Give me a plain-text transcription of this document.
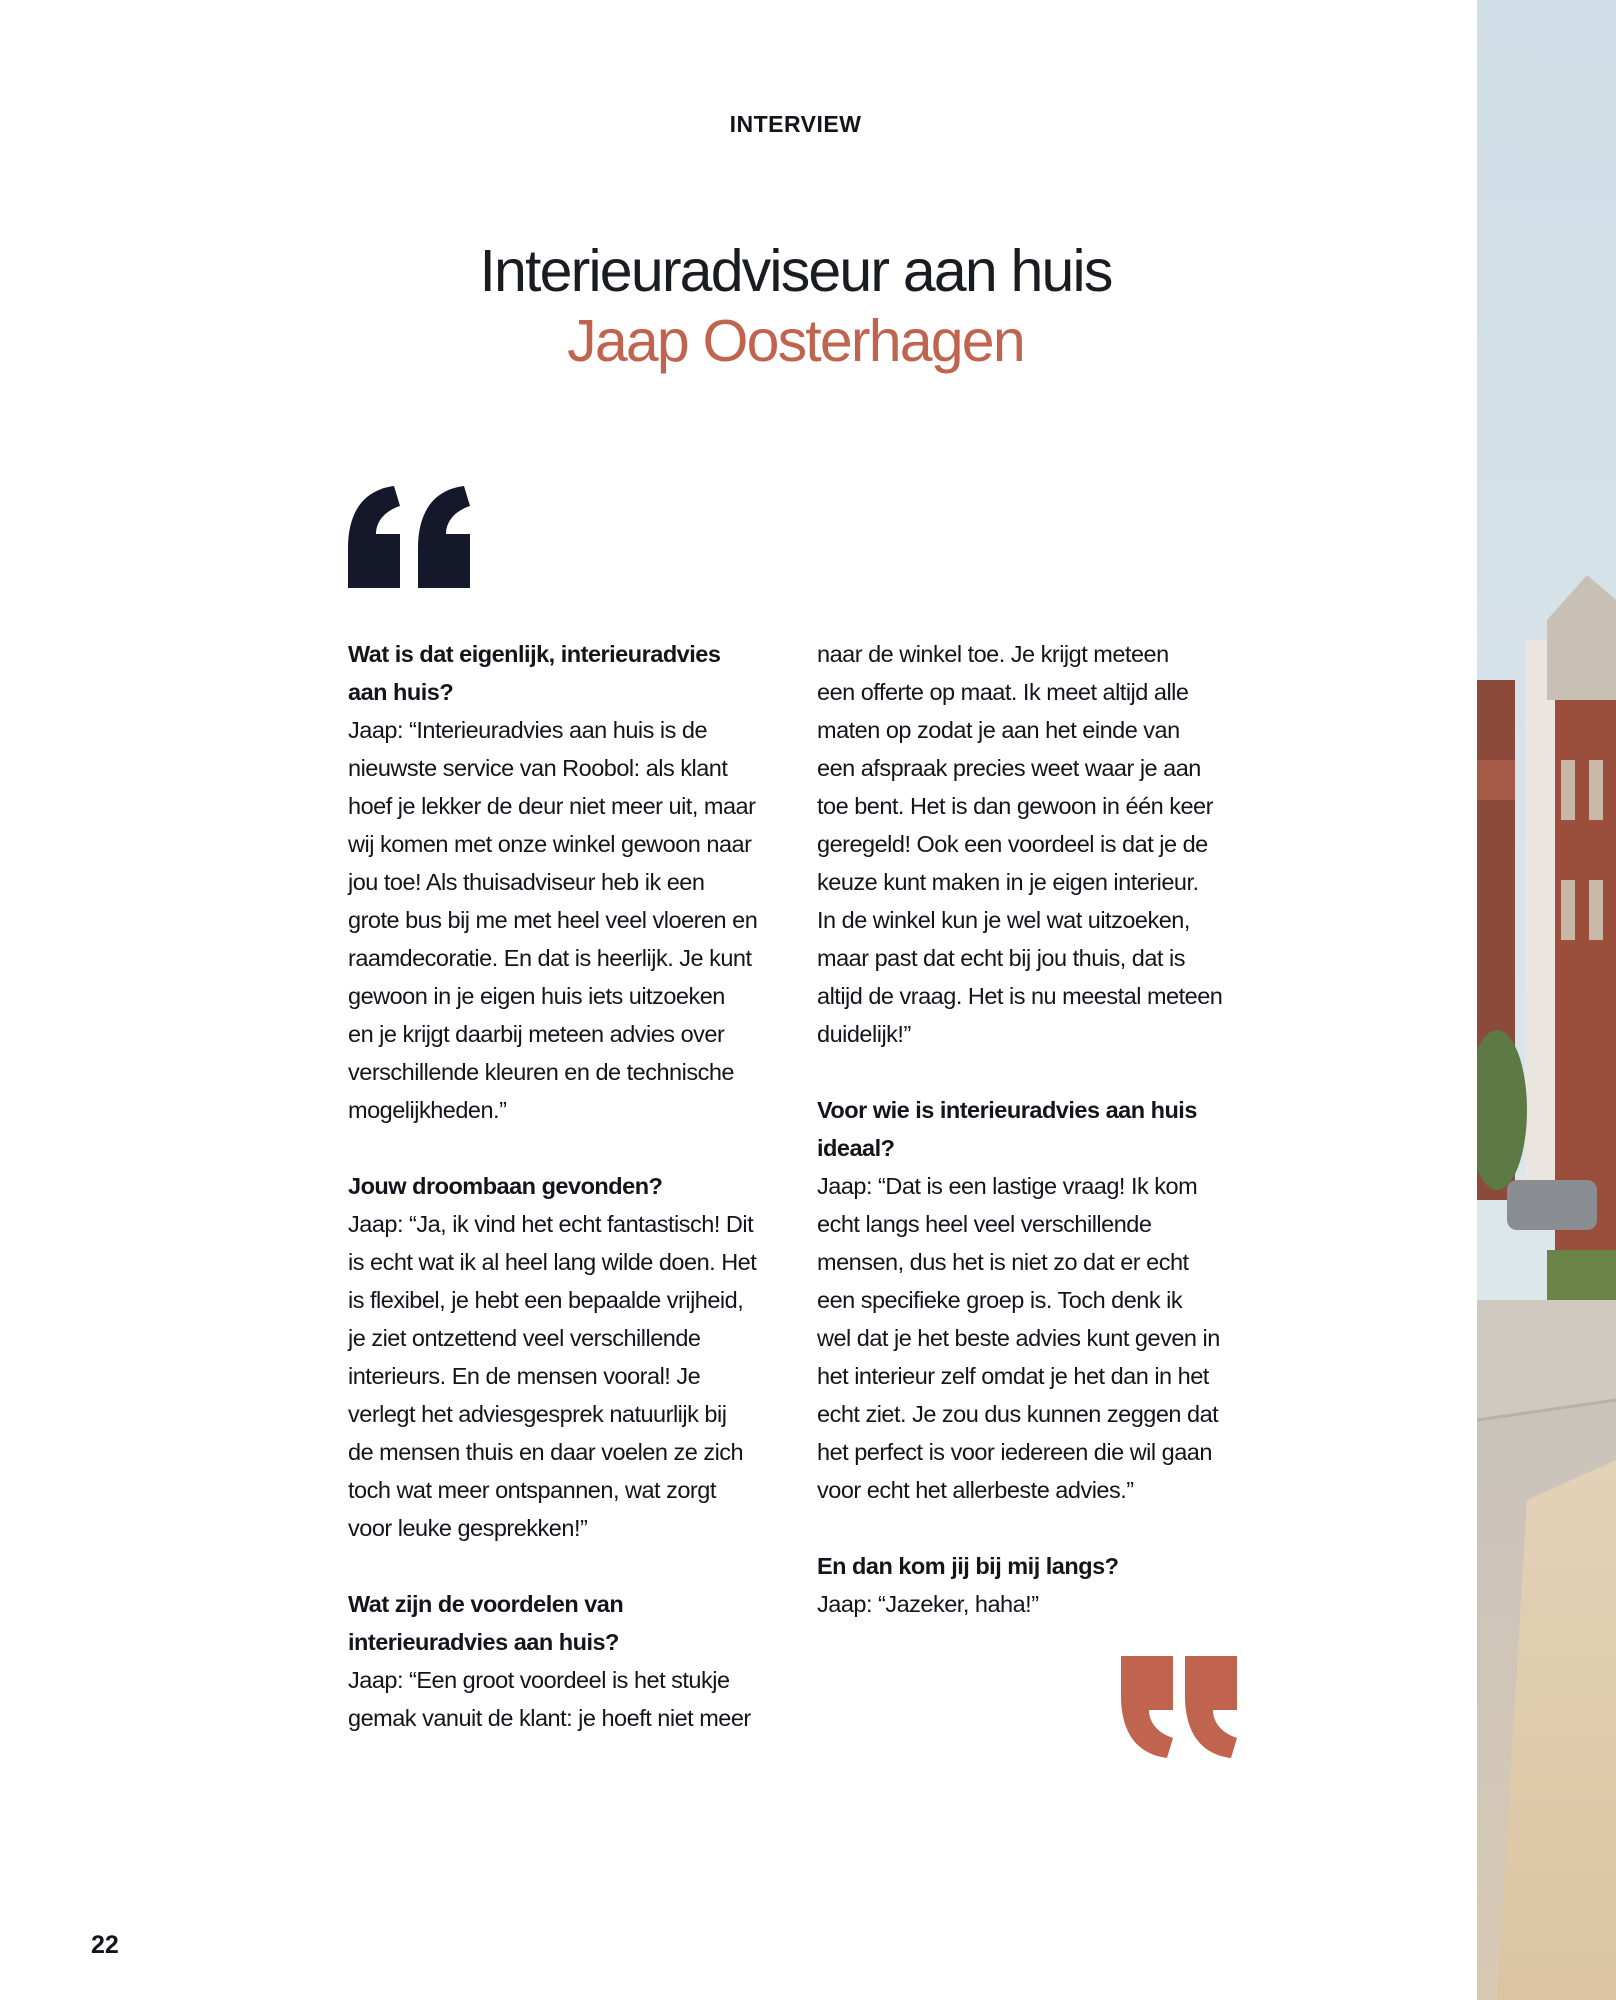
INTERVIEW
Interieuradviseur aan huis
Jaap Oosterhagen

Wat is dat eigenlijk, interieuradvies

aan huis?

Jaap: “Interieuradvies aan huis is de

nieuwste service van Roobol: als klant

hoef je lekker de deur niet meer uit, maar

wij komen met onze winkel gewoon naar

jou toe! Als thuisadviseur heb ik een

grote bus bij me met heel veel vloeren en

raamdecoratie. En dat is heerlijk. Je kunt

gewoon in je eigen huis iets uitzoeken

en je krijgt daarbij meteen advies over

verschillende kleuren en de technische

mogelijkheden.”

Jouw droombaan gevonden?

Jaap: “Ja, ik vind het echt fantastisch! Dit

is echt wat ik al heel lang wilde doen. Het

is flexibel, je hebt een bepaalde vrijheid,

je ziet ontzettend veel verschillende

interieurs. En de mensen vooral! Je

verlegt het adviesgesprek natuurlijk bij

de mensen thuis en daar voelen ze zich

toch wat meer ontspannen, wat zorgt

voor leuke gesprekken!”

Wat zijn de voordelen van

interieuradvies aan huis?

Jaap: “Een groot voordeel is het stukje

gemak vanuit de klant: je hoeft niet meer

naar de winkel toe. Je krijgt meteen

een offerte op maat. Ik meet altijd alle

maten op zodat je aan het einde van

een afspraak precies weet waar je aan

toe bent. Het is dan gewoon in één keer

geregeld! Ook een voordeel is dat je de

keuze kunt maken in je eigen interieur.

In de winkel kun je wel wat uitzoeken,

maar past dat echt bij jou thuis, dat is

altijd de vraag. Het is nu meestal meteen

duidelijk!”

Voor wie is interieuradvies aan huis

ideaal?

Jaap: “Dat is een lastige vraag! Ik kom

echt langs heel veel verschillende

mensen, dus het is niet zo dat er echt

een specifieke groep is. Toch denk ik

wel dat je het beste advies kunt geven in

het interieur zelf omdat je het dan in het

echt ziet. Je zou dus kunnen zeggen dat

het perfect is voor iedereen die wil gaan

voor echt het allerbeste advies.”

En dan kom jij bij mij langs?

Jaap: “Jazeker, haha!”

22
